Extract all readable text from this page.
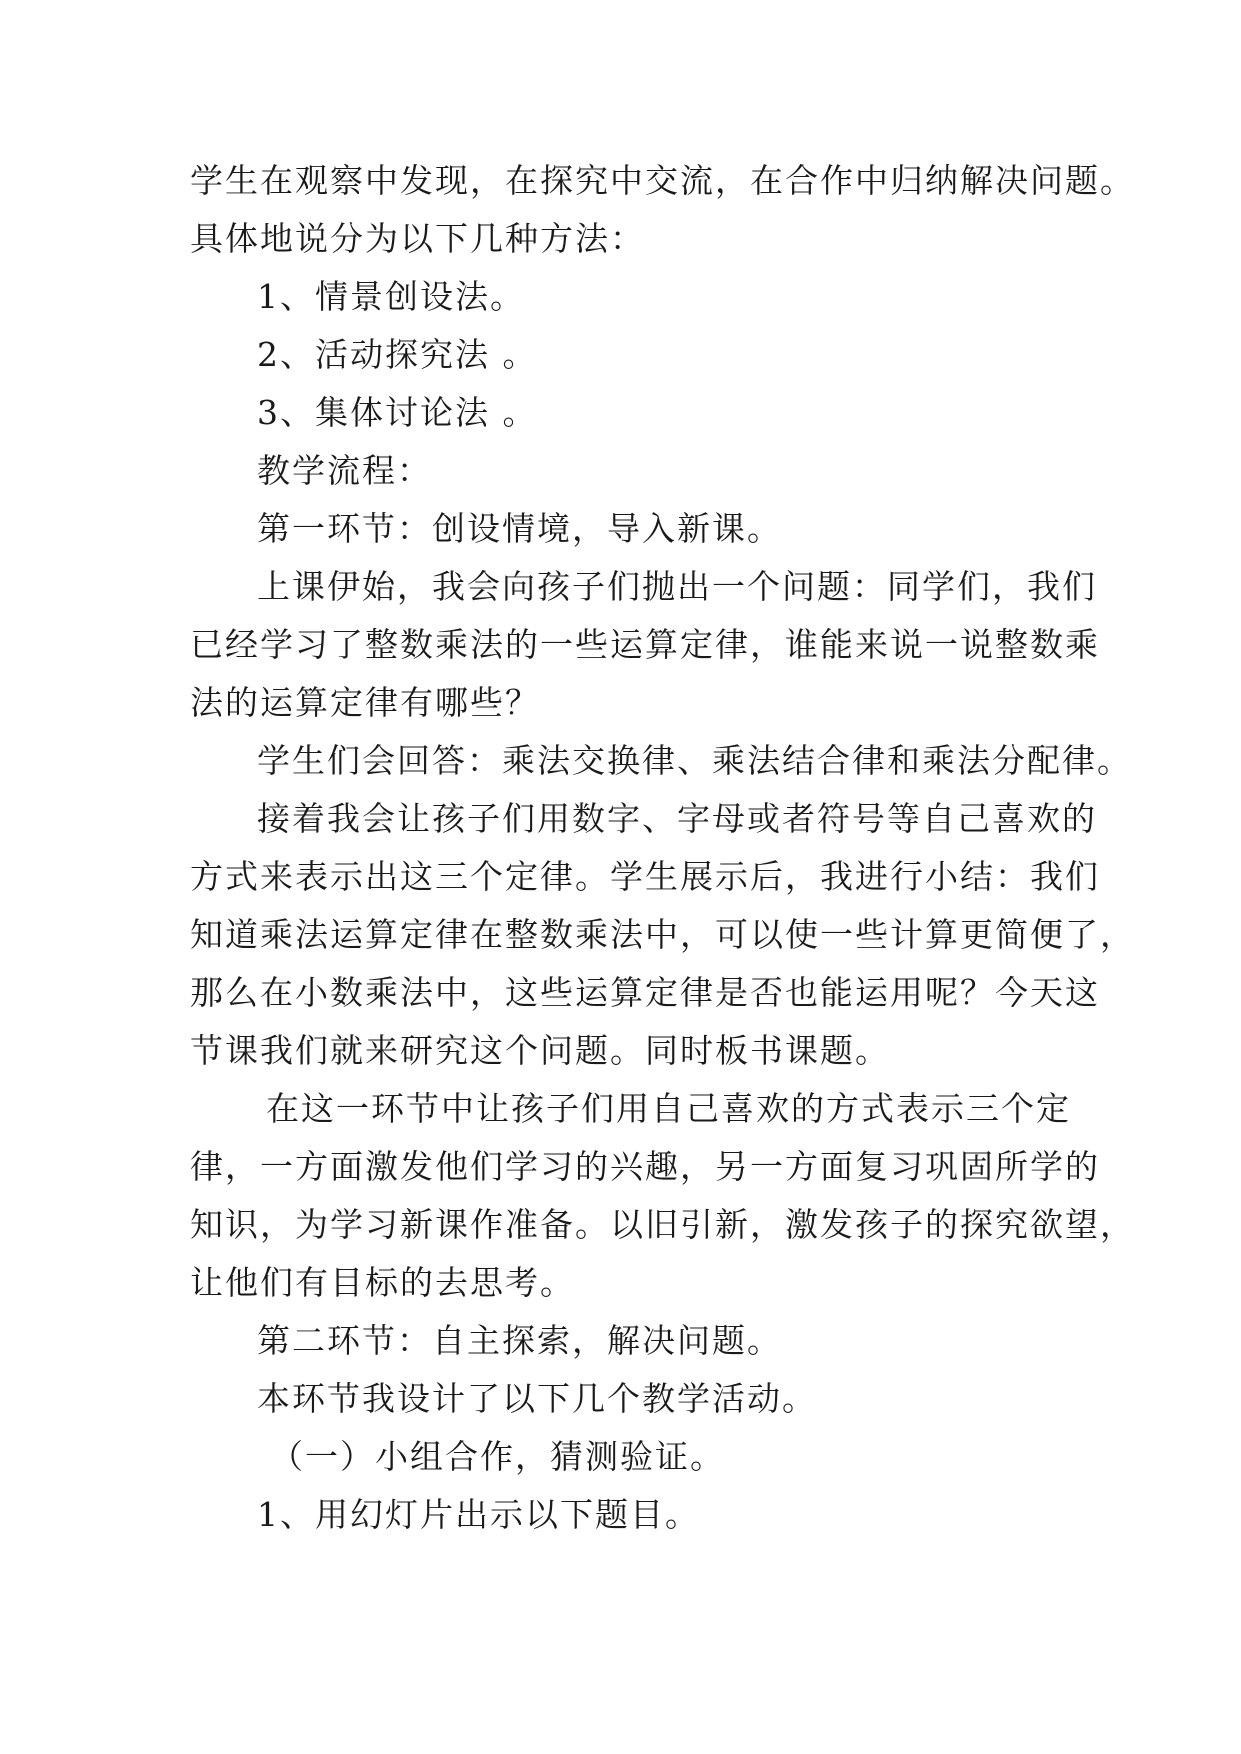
学生在观察中发现，在探究中交流，在合作中归纳解决问题。
具体地说分为以下几种方法：
1、情景创设法。
2、活动探究法 。
3、集体讨论法 。
教学流程：
第一环节：创设情境，导入新课。
上课伊始，我会向孩子们抛出一个问题：同学们，我们
已经学习了整数乘法的一些运算定律，谁能来说一说整数乘
法的运算定律有哪些？
学生们会回答：乘法交换律、乘法结合律和乘法分配律。
接着我会让孩子们用数字、字母或者符号等自己喜欢的
方式来表示出这三个定律。学生展示后，我进行小结：我们
知道乘法运算定律在整数乘法中，可以使一些计算更简便了，
那么在小数乘法中，这些运算定律是否也能运用呢？今天这
节课我们就来研究这个问题。同时板书课题。
在这一环节中让孩子们用自己喜欢的方式表示三个定
律，一方面激发他们学习的兴趣，另一方面复习巩固所学的
知识，为学习新课作准备。以旧引新，激发孩子的探究欲望，
让他们有目标的去思考。
第二环节：自主探索，解决问题。
本环节我设计了以下几个教学活动。
（一）小组合作，猜测验证。
1、用幻灯片出示以下题目。
